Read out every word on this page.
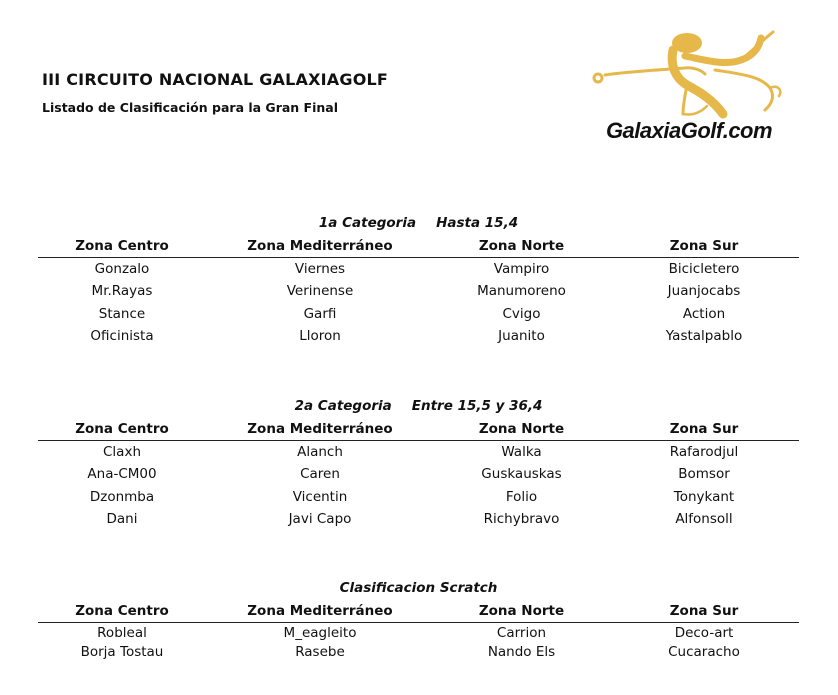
III CIRCUITO NACIONAL GALAXIAGOLF
Listado de Clasificación para la Gran Final
GalaxiaGolf.com
1a Categoria Hasta 15,4
Zona Centro	Zona Mediterráneo	Zona Norte	Zona Sur
Gonzalo	Viernes	Vampiro	Bicicletero
Mr.Rayas	Verinense	Manumoreno	Juanjocabs
Stance	Garfi	Cvigo	Action
Oficinista	Lloron	Juanito	Yastalpablo
2a Categoria Entre 15,5 y 36,4
Zona Centro	Zona Mediterráneo	Zona Norte	Zona Sur
Claxh	Alanch	Walka	Rafarodjul
Ana-CM00	Caren	Guskauskas	Bomsor
Dzonmba	Vicentin	Folio	Tonykant
Dani	Javi Capo	Richybravo	Alfonsoll
Clasificacion Scratch
Zona Centro	Zona Mediterráneo	Zona Norte	Zona Sur
Robleal	M_eagleito	Carrion	Deco-art
Borja Tostau	Rasebe	Nando Els	Cucaracho
